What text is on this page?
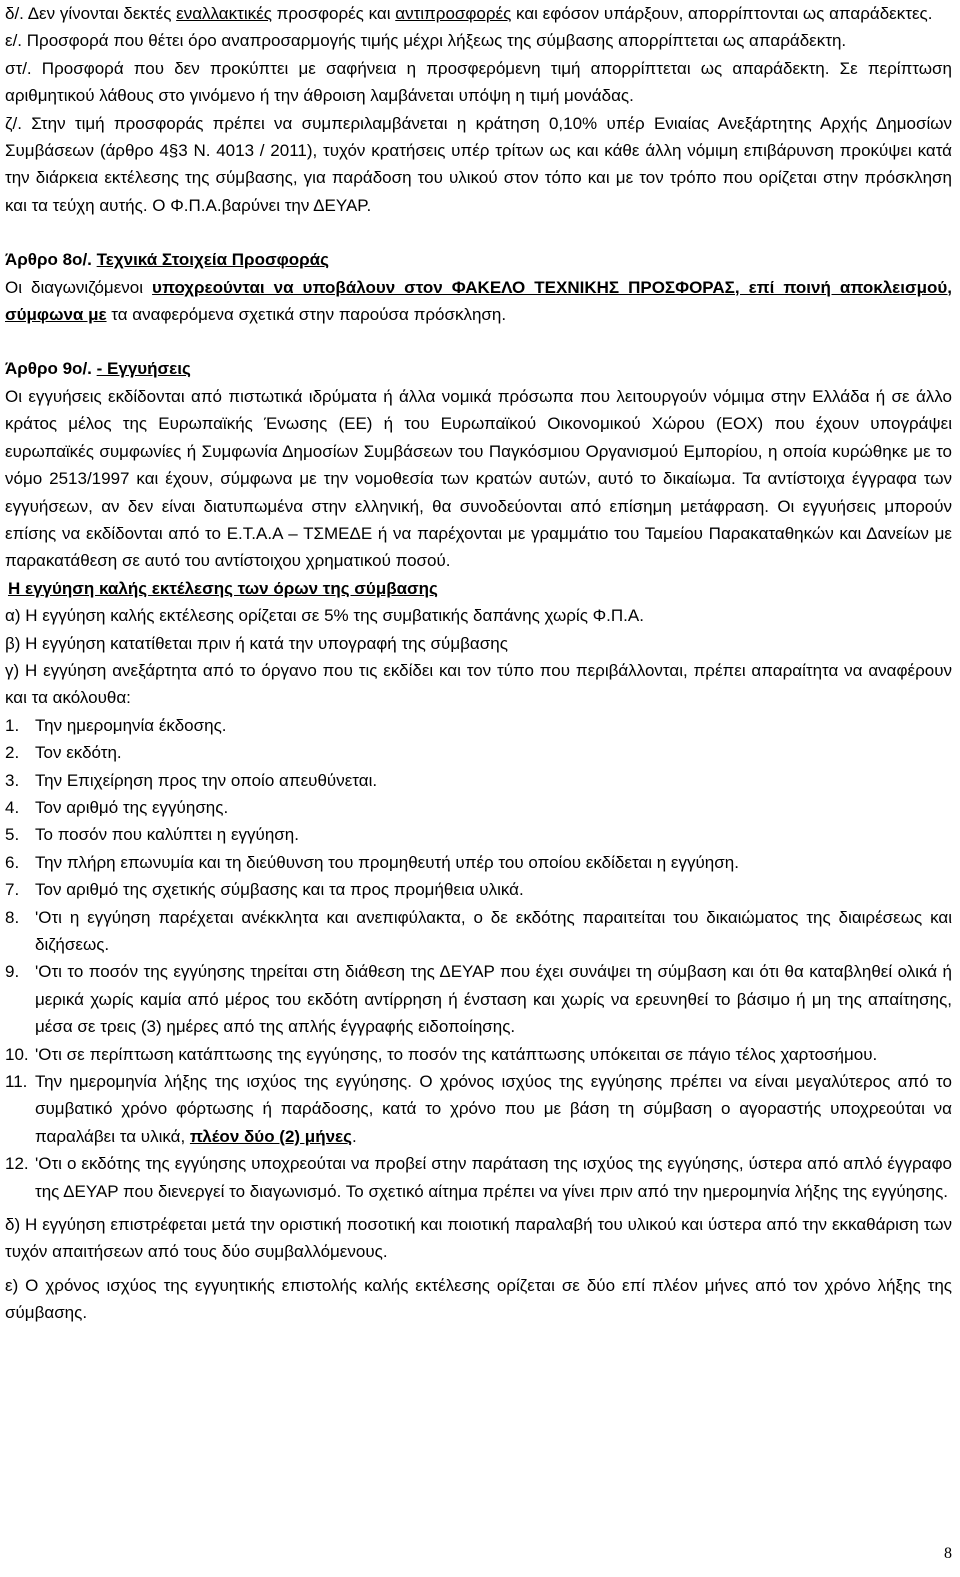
δ/. Δεν γίνονται δεκτές εναλλακτικές προσφορές και αντιπροσφορές και εφόσον υπάρξουν, απορρίπτονται ως απαράδεκτες.

ε/. Προσφορά που θέτει όρο αναπροσαρμογής τιμής μέχρι λήξεως της σύμβασης απορρίπτεται ως απαράδεκτη.

στ/. Προσφορά που δεν προκύπτει με σαφήνεια η προσφερόμενη τιμή απορρίπτεται ως απαράδεκτη. Σε περίπτωση αριθμητικού λάθους στο γινόμενο ή την άθροιση λαμβάνεται υπόψη η τιμή μονάδας.

ζ/. Στην τιμή προσφοράς πρέπει να συμπεριλαμβάνεται η κράτηση 0,10% υπέρ Ενιαίας Ανεξάρτητης Αρχής Δημοσίων Συμβάσεων (άρθρο 4§3 Ν. 4013 / 2011), τυχόν κρατήσεις υπέρ τρίτων ως και κάθε άλλη νόμιμη επιβάρυνση προκύψει κατά την διάρκεια εκτέλεσης της σύμβασης, για παράδοση του υλικού στον τόπο και με τον τρόπο που ορίζεται στην πρόσκληση και τα τεύχη αυτής. Ο Φ.Π.Α.βαρύνει την ΔΕΥΑΡ.

Άρθρο 8ο/. Τεχνικά Στοιχεία Προσφοράς

Οι διαγωνιζόμενοι υποχρεούνται να υποβάλουν στον ΦΑΚΕΛΟ ΤΕΧΝΙΚΗΣ ΠΡΟΣΦΟΡΑΣ, επί ποινή αποκλεισμού, σύμφωνα με τα αναφερόμενα σχετικά στην παρούσα πρόσκληση.

Άρθρο 9ο/. - Εγγυήσεις

Οι εγγυήσεις εκδίδονται από πιστωτικά ιδρύματα ή άλλα νομικά πρόσωπα που λειτουργούν νόμιμα στην Ελλάδα ή σε άλλο κράτος μέλος της Ευρωπαϊκής Ένωσης (ΕΕ) ή του Ευρωπαϊκού Οικονομικού Χώρου (ΕΟΧ) που έχουν υπογράψει ευρωπαϊκές συμφωνίες ή Συμφωνία Δημοσίων Συμβάσεων του Παγκόσμιου Οργανισμού Εμπορίου, η οποία κυρώθηκε με το νόμο 2513/1997 και έχουν, σύμφωνα με την νομοθεσία των κρατών αυτών, αυτό το δικαίωμα. Τα αντίστοιχα έγγραφα των εγγυήσεων, αν δεν είναι διατυπωμένα στην ελληνική, θα συνοδεύονται από επίσημη μετάφραση. Οι εγγυήσεις μπορούν επίσης να εκδίδονται από το Ε.Τ.Α.Α – ΤΣΜΕΔΕ ή να παρέχονται με γραμμάτιο του Ταμείου Παρακαταθηκών και Δανείων με παρακατάθεση σε αυτό του αντίστοιχου χρηματικού ποσού.

Η εγγύηση καλής εκτέλεσης των όρων της σύμβασης

α) Η εγγύηση καλής εκτέλεσης ορίζεται σε 5% της συμβατικής δαπάνης χωρίς Φ.Π.Α.

β) Η εγγύηση κατατίθεται πριν ή κατά την υπογραφή της σύμβασης

γ) Η εγγύηση ανεξάρτητα από το όργανο που τις εκδίδει και τον τύπο που περιβάλλονται, πρέπει απαραίτητα να αναφέρουν και τα ακόλουθα:

1. Την ημερομηνία έκδοσης.
2. Τον εκδότη.
3. Την Επιχείρηση προς την οποίο απευθύνεται.
4. Τον αριθμό της εγγύησης.
5. Το ποσόν που καλύπτει η εγγύηση.
6. Την πλήρη επωνυμία και τη διεύθυνση του προμηθευτή υπέρ του οποίου εκδίδεται η εγγύηση.
7. Τον αριθμό της σχετικής σύμβασης και τα προς προμήθεια υλικά.
8. 'Οτι η εγγύηση παρέχεται ανέκκλητα και ανεπιφύλακτα, ο δε εκδότης παραιτείται του δικαιώματος της διαιρέσεως και διζήσεως.
9. 'Οτι το ποσόν της εγγύησης τηρείται στη διάθεση της ΔΕΥΑΡ που έχει συνάψει τη σύμβαση και ότι θα καταβληθεί ολικά ή μερικά χωρίς καμία από μέρος του εκδότη αντίρρηση ή ένσταση και χωρίς να ερευνηθεί το βάσιμο ή μη της απαίτησης, μέσα σε τρεις (3) ημέρες από της απλής έγγραφής ειδοποίησης.
10. 'Οτι σε περίπτωση κατάπτωσης της εγγύησης, το ποσόν της κατάπτωσης υπόκειται σε πάγιο τέλος χαρτοσήμου.
11. Την ημερομηνία λήξης της ισχύος της εγγύησης. Ο χρόνος ισχύος της εγγύησης πρέπει να είναι μεγαλύτερος από το συμβατικό χρόνο φόρτωσης ή παράδοσης, κατά το χρόνο που με βάση τη σύμβαση ο αγοραστής υποχρεούται να παραλάβει τα υλικά, πλέον δύο (2) μήνες.
12. 'Οτι ο εκδότης της εγγύησης υποχρεούται να προβεί στην παράταση της ισχύος της εγγύησης, ύστερα από απλό έγγραφο της ΔΕΥΑΡ που διενεργεί το διαγωνισμό. Το σχετικό αίτημα πρέπει να γίνει πριν από την ημερομηνία λήξης της εγγύησης.

δ) Η εγγύηση επιστρέφεται μετά την οριστική ποσοτική και ποιοτική παραλαβή του υλικού και ύστερα από την εκκαθάριση των τυχόν απαιτήσεων από τους δύο συμβαλλόμενους.

ε) Ο χρόνος ισχύος της εγγυητικής επιστολής καλής εκτέλεσης ορίζεται σε δύο επί πλέον μήνες από τον χρόνο λήξης της σύμβασης.

8
